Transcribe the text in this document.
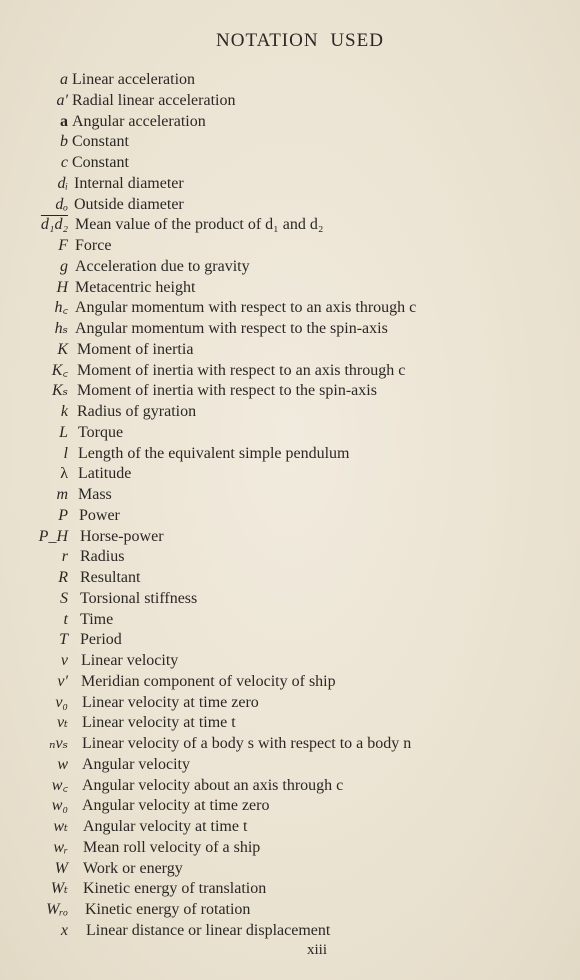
NOTATION USED
a Linear acceleration
a′ Radial linear acceleration
a Angular acceleration
b Constant
c Constant
dᵢ Internal diameter
dₒ Outside diameter
d₁d₂ Mean value of the product of d₁ and d₂
F Force
g Acceleration due to gravity
H Metacentric height
h꜀ Angular momentum with respect to an axis through c
hₛ Angular momentum with respect to the spin-axis
K Moment of inertia
K꜀ Moment of inertia with respect to an axis through c
Kₛ Moment of inertia with respect to the spin-axis
k Radius of gyration
L Torque
l Length of the equivalent simple pendulum
λ Latitude
m Mass
P Power
P_H Horse-power
r Radius
R Resultant
S Torsional stiffness
t Time
T Period
v Linear velocity
v′ Meridian component of velocity of ship
v₀ Linear velocity at time zero
vₜ Linear velocity at time t
ₙvₛ Linear velocity of a body s with respect to a body n
w Angular velocity
w꜀ Angular velocity about an axis through c
w₀ Angular velocity at time zero
wₜ Angular velocity at time t
wᵣ Mean roll velocity of a ship
W Work or energy
Wₜ Kinetic energy of translation
Wᵣₒ Kinetic energy of rotation
x Linear distance or linear displacement
xiii
